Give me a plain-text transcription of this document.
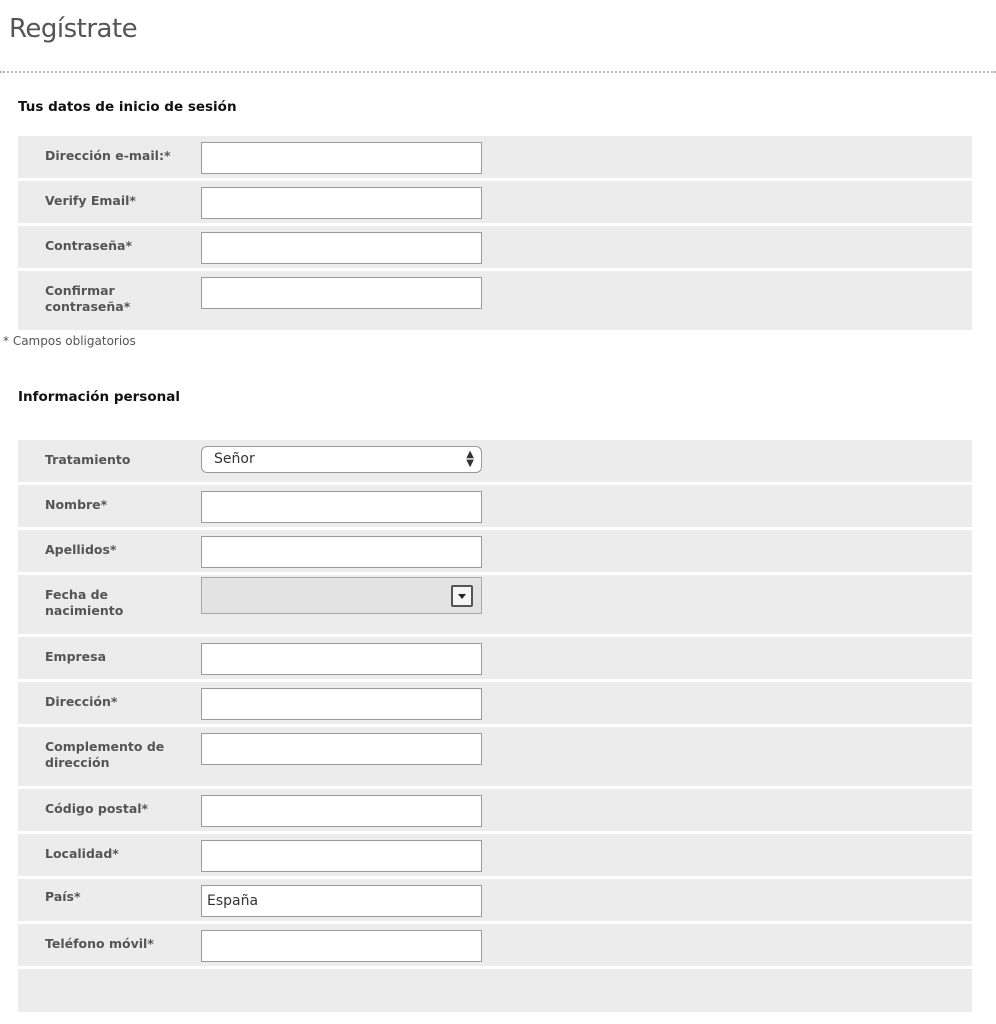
Regístrate
Tus datos de inicio de sesión
Dirección e-mail:*
Verify Email*
Contraseña*
Confirmar contraseña*
* Campos obligatorios
Información personal
Tratamiento	Señor	▲
▼
Nombre*
Apellidos*
Fecha de nacimiento
Empresa
Dirección*
Complemento de dirección
Código postal*
Localidad*
País*
España
Teléfono móvil*
